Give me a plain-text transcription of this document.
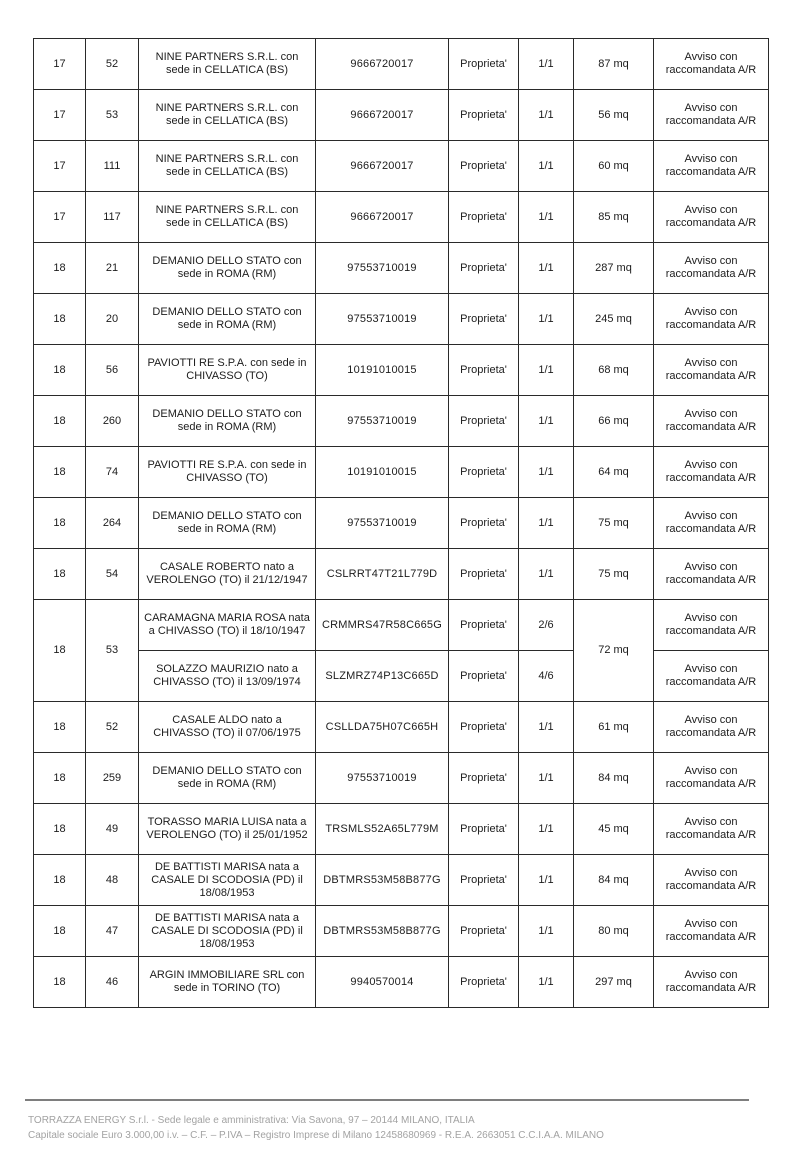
17	52	NINE PARTNERS S.R.L. con sede in CELLATICA (BS)	9666720017	Proprieta'	1/1	87 mq	Avviso con raccomandata A/R
17	53	NINE PARTNERS S.R.L. con sede in CELLATICA (BS)	9666720017	Proprieta'	1/1	56 mq	Avviso con raccomandata A/R
17	111	NINE PARTNERS S.R.L. con sede in CELLATICA (BS)	9666720017	Proprieta'	1/1	60 mq	Avviso con raccomandata A/R
17	117	NINE PARTNERS S.R.L. con sede in CELLATICA (BS)	9666720017	Proprieta'	1/1	85 mq	Avviso con raccomandata A/R
18	21	DEMANIO DELLO STATO con sede in ROMA (RM)	97553710019	Proprieta'	1/1	287 mq	Avviso con raccomandata A/R
18	20	DEMANIO DELLO STATO con sede in ROMA (RM)	97553710019	Proprieta'	1/1	245 mq	Avviso con raccomandata A/R
18	56	PAVIOTTI RE S.P.A. con sede in CHIVASSO (TO)	10191010015	Proprieta'	1/1	68 mq	Avviso con raccomandata A/R
18	260	DEMANIO DELLO STATO con sede in ROMA (RM)	97553710019	Proprieta'	1/1	66 mq	Avviso con raccomandata A/R
18	74	PAVIOTTI RE S.P.A. con sede in CHIVASSO (TO)	10191010015	Proprieta'	1/1	64 mq	Avviso con raccomandata A/R
18	264	DEMANIO DELLO STATO con sede in ROMA (RM)	97553710019	Proprieta'	1/1	75 mq	Avviso con raccomandata A/R
18	54	CASALE ROBERTO nato a VEROLENGO (TO) il 21/12/1947	CSLRRT47T21L779D	Proprieta'	1/1	75 mq	Avviso con raccomandata A/R
18	53	CARAMAGNA MARIA ROSA nata a CHIVASSO (TO) il 18/10/1947	CRMMRS47R58C665G	Proprieta'	2/6	72 mq	Avviso con raccomandata A/R
		SOLAZZO MAURIZIO nato a CHIVASSO (TO) il 13/09/1974	SLZMRZ74P13C665D	Proprieta'	4/6		Avviso con raccomandata A/R
18	52	CASALE ALDO nato a CHIVASSO (TO) il 07/06/1975	CSLLDA75H07C665H	Proprieta'	1/1	61 mq	Avviso con raccomandata A/R
18	259	DEMANIO DELLO STATO con sede in ROMA (RM)	97553710019	Proprieta'	1/1	84 mq	Avviso con raccomandata A/R
18	49	TORASSO MARIA LUISA nata a VEROLENGO (TO) il 25/01/1952	TRSMLS52A65L779M	Proprieta'	1/1	45 mq	Avviso con raccomandata A/R
18	48	DE BATTISTI MARISA nata a CASALE DI SCODOSIA (PD) il 18/08/1953	DBTMRS53M58B877G	Proprieta'	1/1	84 mq	Avviso con raccomandata A/R
18	47	DE BATTISTI MARISA nata a CASALE DI SCODOSIA (PD) il 18/08/1953	DBTMRS53M58B877G	Proprieta'	1/1	80 mq	Avviso con raccomandata A/R
18	46	ARGIN IMMOBILIARE SRL con sede in TORINO (TO)	9940570014	Proprieta'	1/1	297 mq	Avviso con raccomandata A/R
TORRAZZA ENERGY S.r.l. - Sede legale e amministrativa: Via Savona, 97 – 20144 MILANO, ITALIA
Capitale sociale Euro 3.000,00 i.v. – C.F. – P.IVA – Registro Imprese di Milano 12458680969 - R.E.A. 2663051 C.C.I.A.A. MILANO
